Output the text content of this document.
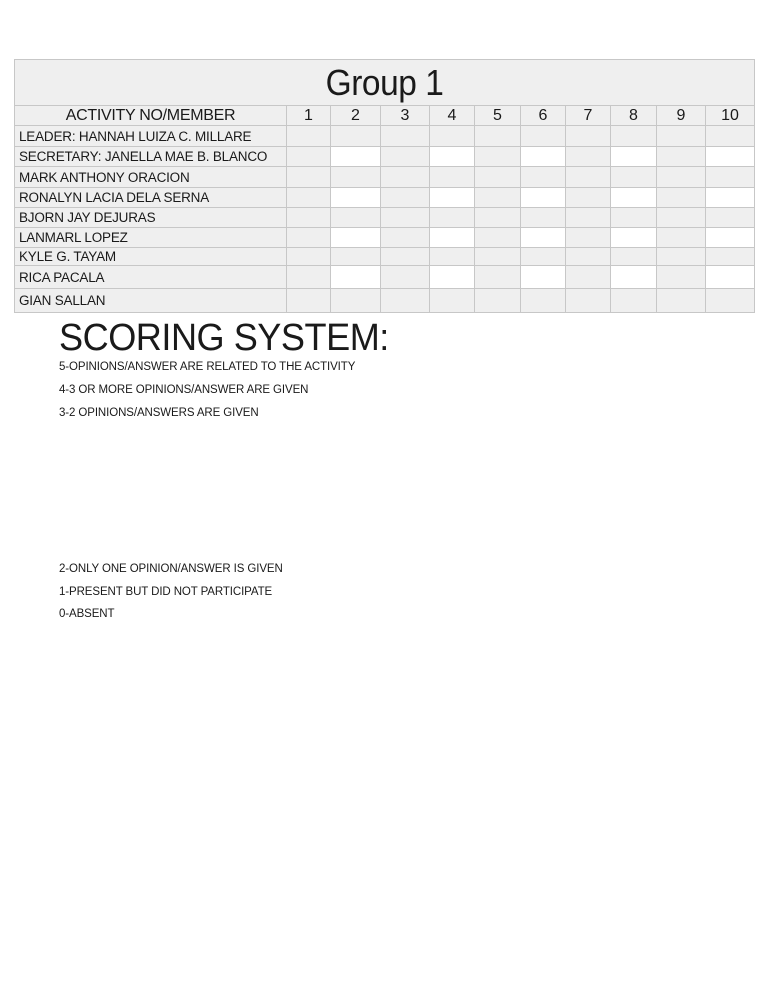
Group 1										

ACTIVITY NO/MEMBER	1	2	3	4	5	6	7	8	9	10
LEADER: HANNAH LUIZA C. MILLARE										
SECRETARY: JANELLA MAE B. BLANCO										
MARK ANTHONY ORACION										
RONALYN LACIA DELA SERNA										
BJORN JAY DEJURAS										
LANMARL LOPEZ										
KYLE G. TAYAM										
RICA PACALA										
GIAN SALLAN										
SCORING SYSTEM:
5-OPINIONS/ANSWER ARE RELATED TO THE ACTIVITY
4-3 OR MORE OPINIONS/ANSWER ARE GIVEN
3-2 OPINIONS/ANSWERS ARE GIVEN
2-ONLY ONE OPINION/ANSWER IS GIVEN
1-PRESENT BUT DID NOT PARTICIPATE
0-ABSENT
